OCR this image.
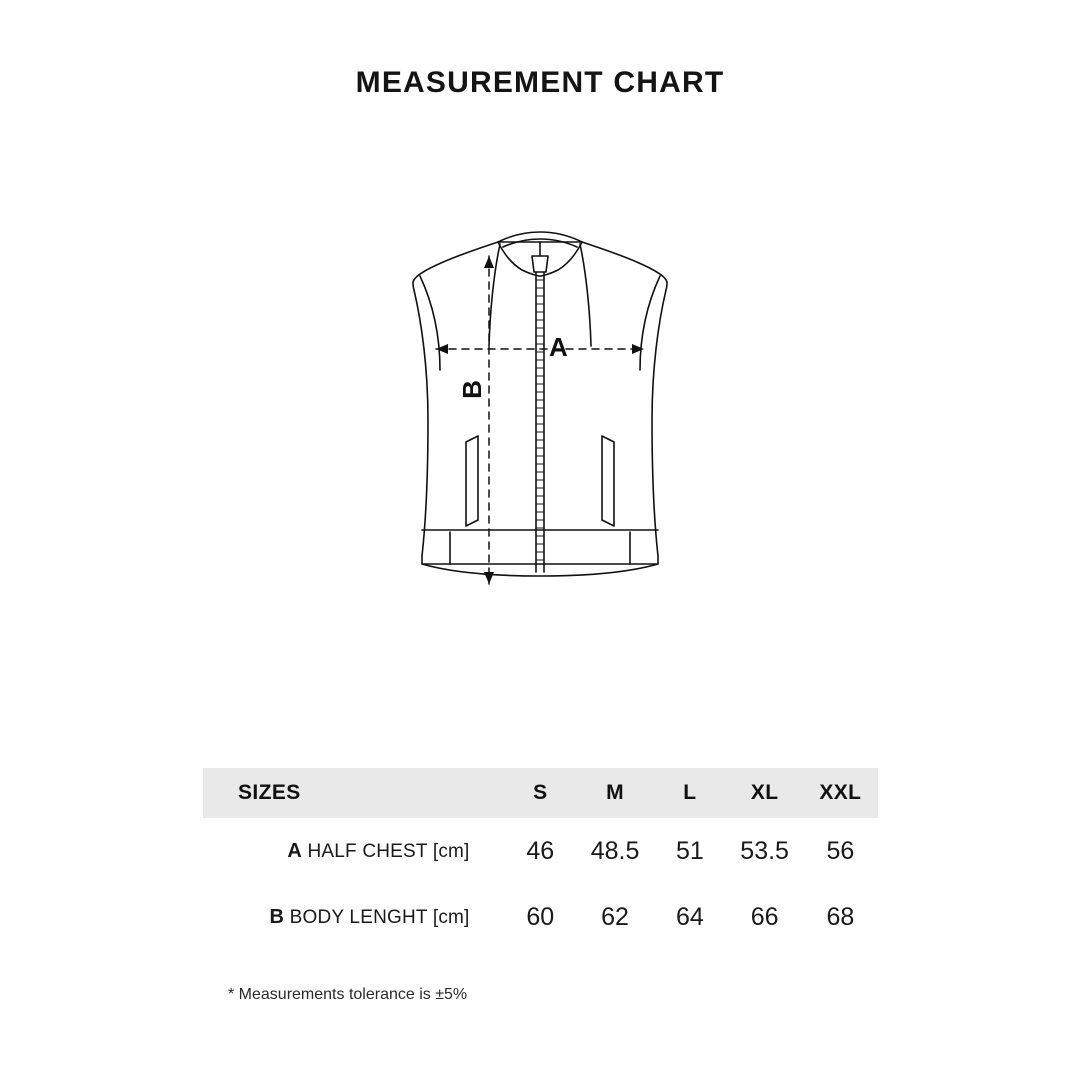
MEASUREMENT CHART
A
B
SIZES	S	M	L	XL	XXL
A HALF CHEST [cm]	46	48.5	51	53.5	56
B BODY LENGHT [cm]	60	62	64	66	68
* Measurements tolerance is ±5%
